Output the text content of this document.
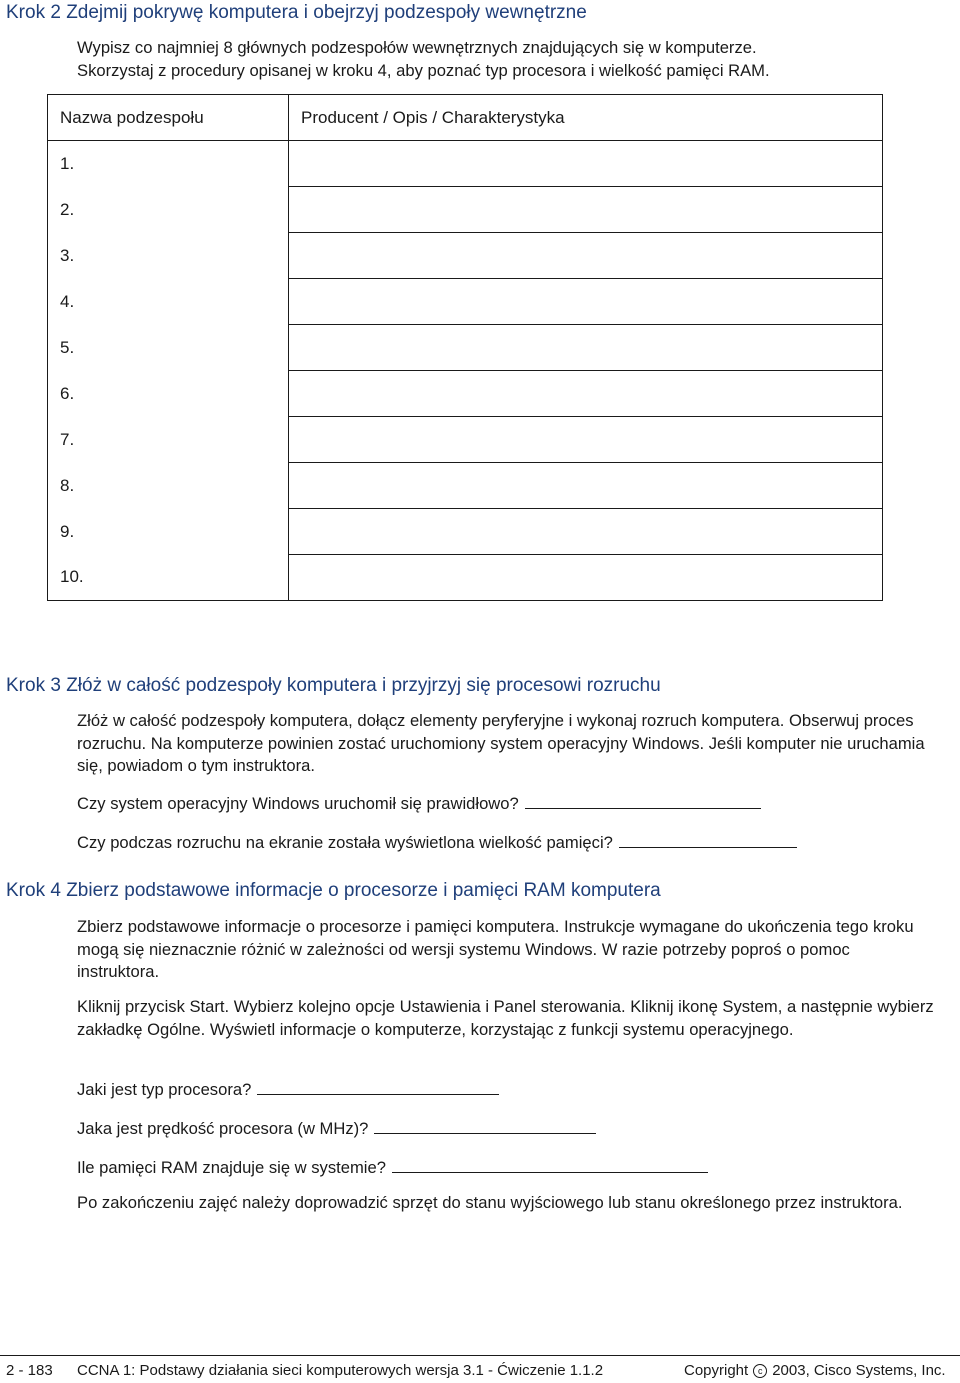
Krok 2 Zdejmij pokrywę komputera i obejrzyj podzespoły wewnętrzne

Wypisz co najmniej 8 głównych podzespołów wewnętrznych znajdujących się w komputerze.

Skorzystaj z procedury opisanej w kroku 4, aby poznać typ procesora i wielkość pamięci RAM.

Nazwa podzespołu	Producent / Opis / Charakterystyka
1.	
2.	
3.	
4.	
5.	
6.	
7.	
8.	
9.	
10.	
Krok 3 Złóż w całość podzespoły komputera i przyjrzyj się procesowi rozruchu

Złóż w całość podzespoły komputera, dołącz elementy peryferyjne i wykonaj rozruch komputera. Obserwuj proces rozruchu. Na komputerze powinien zostać uruchomiony system operacyjny Windows. Jeśli komputer nie uruchamia się, powiadom o tym instruktora.

Czy system operacyjny Windows uruchomił się prawidłowo?

Czy podczas rozruchu na ekranie została wyświetlona wielkość pamięci?

Krok 4 Zbierz podstawowe informacje o procesorze i pamięci RAM komputera

Zbierz podstawowe informacje o procesorze i pamięci komputera. Instrukcje wymagane do ukończenia tego kroku mogą się nieznacznie różnić w zależności od wersji systemu Windows. W razie potrzeby poproś o pomoc instruktora.

Kliknij przycisk Start. Wybierz kolejno opcje Ustawienia i Panel sterowania. Kliknij ikonę System, a następnie wybierz zakładkę Ogólne. Wyświetl informacje o komputerze, korzystając z funkcji systemu operacyjnego.

Jaki jest typ procesora?

Jaka jest prędkość procesora (w MHz)?

Ile pamięci RAM znajduje się w systemie?

Po zakończeniu zajęć należy doprowadzić sprzęt do stanu wyjściowego lub stanu określonego przez instruktora.

2 - 183 CCNA 1: Podstawy działania sieci komputerowych wersja 3.1 - Ćwiczenie 1.1.2	Copyright c 2003, Cisco Systems, Inc.
